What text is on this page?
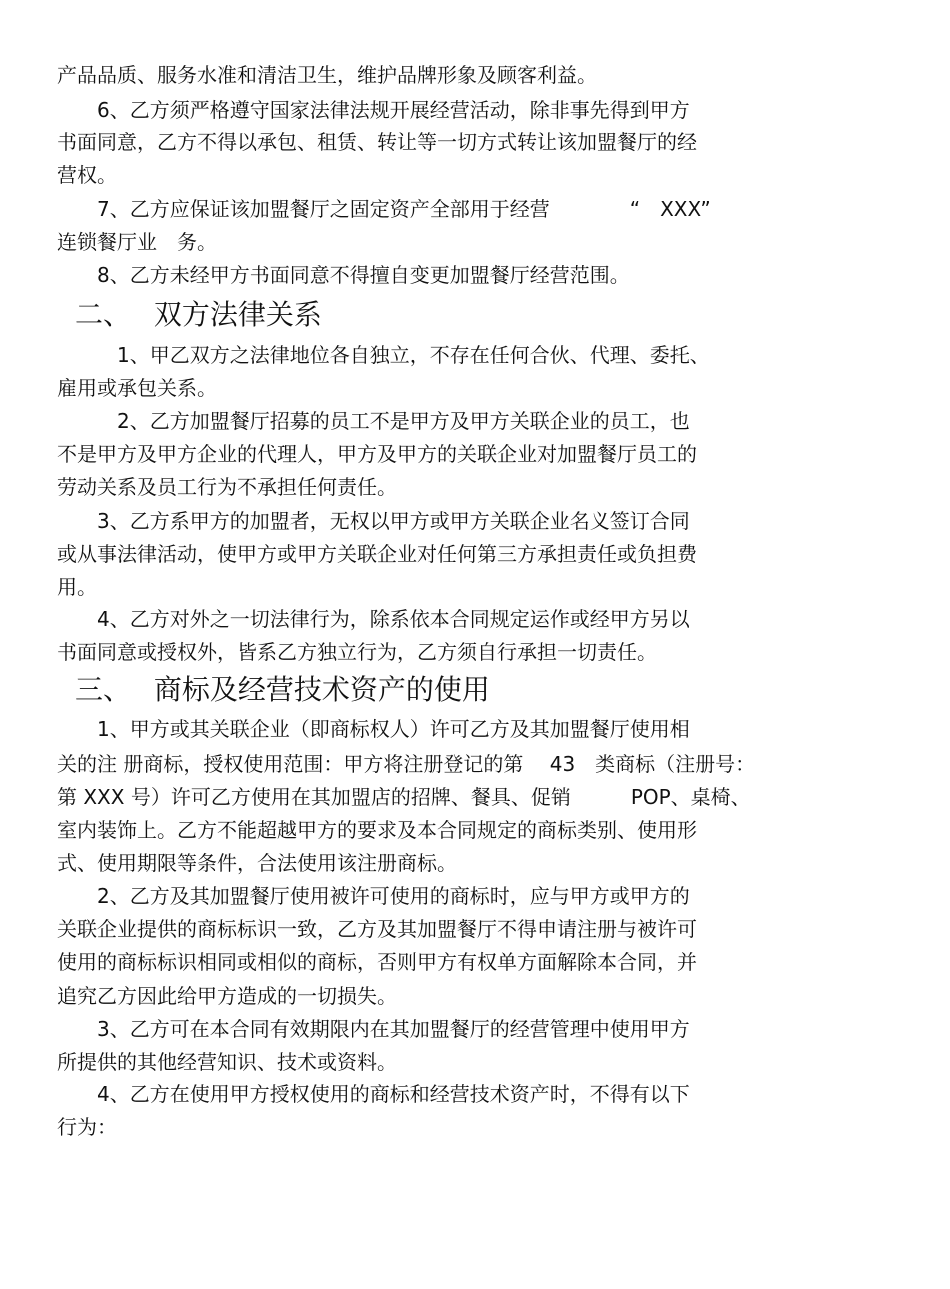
产品品质、服务水准和清洁卫生，维护品牌形象及顾客利益。
　　6、乙方须严格遵守国家法律法规开展经营活动，除非事先得到甲方
书面同意，乙方不得以承包、租赁、转让等一切方式转让该加盟餐厅的经
营权。
　　7、乙方应保证该加盟餐厅之固定资产全部用于经营　　　　“　XXX”
连锁餐厅业　务。
　　8、乙方未经甲方书面同意不得擅自变更加盟餐厅经营范围。
二、　 双方法律关系
　　　1、甲乙双方之法律地位各自独立，不存在任何合伙、代理、委托、
雇用或承包关系。
　　　2、乙方加盟餐厅招募的员工不是甲方及甲方关联企业的员工，也
不是甲方及甲方企业的代理人，甲方及甲方的关联企业对加盟餐厅员工的
劳动关系及员工行为不承担任何责任。
　　3、乙方系甲方的加盟者，无权以甲方或甲方关联企业名义签订合同
或从事法律活动，使甲方或甲方关联企业对任何第三方承担责任或负担费
用。
　　4、乙方对外之一切法律行为，除系依本合同规定运作或经甲方另以
书面同意或授权外，皆系乙方独立行为，乙方须自行承担一切责任。
三、　 商标及经营技术资产的使用
　　1、甲方或其关联企业（即商标权人）许可乙方及其加盟餐厅使用相
关的注 册商标，授权使用范围：甲方将注册登记的第　 43　类商标（注册号：
第 XXX 号）许可乙方使用在其加盟店的招牌、餐具、促销　　　POP、桌椅、
室内装饰上。乙方不能超越甲方的要求及本合同规定的商标类别、使用形
式、使用期限等条件，合法使用该注册商标。
　　2、乙方及其加盟餐厅使用被许可使用的商标时，应与甲方或甲方的
关联企业提供的商标标识一致，乙方及其加盟餐厅不得申请注册与被许可
使用的商标标识相同或相似的商标，否则甲方有权单方面解除本合同，并
追究乙方因此给甲方造成的一切损失。
　　3、乙方可在本合同有效期限内在其加盟餐厅的经营管理中使用甲方
所提供的其他经营知识、技术或资料。
　　4、乙方在使用甲方授权使用的商标和经营技术资产时，不得有以下
行为：
